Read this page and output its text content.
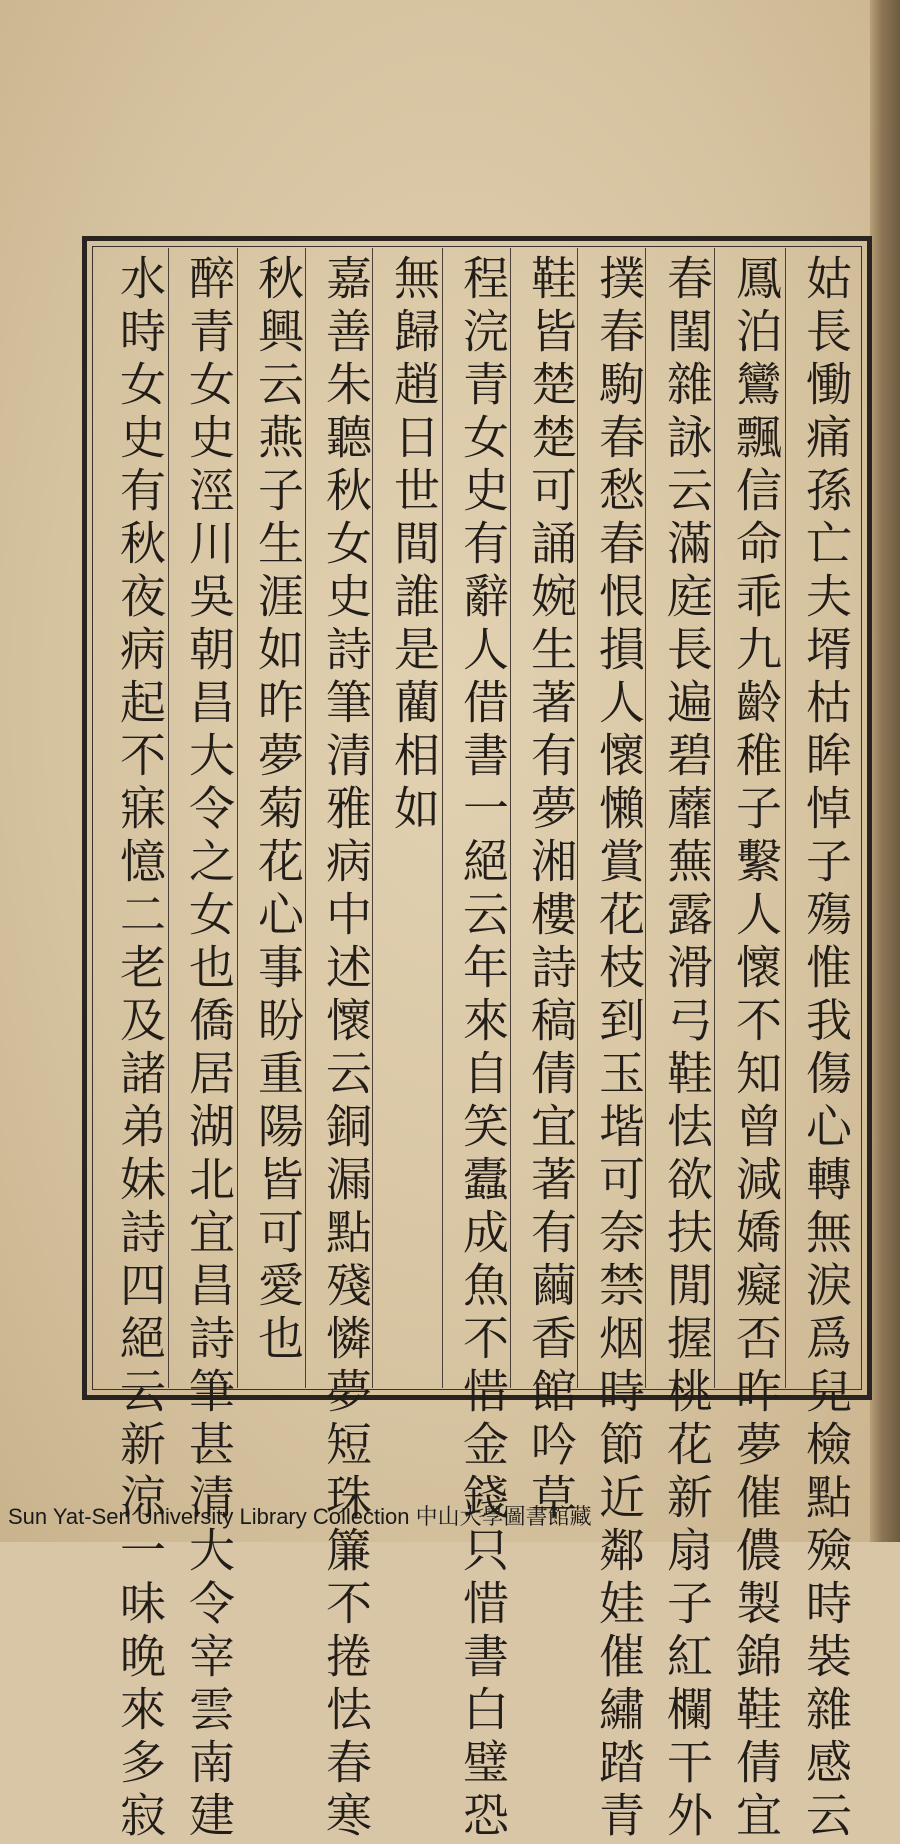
姑長慟痛孫亡夫壻枯眸悼子殤惟我傷心轉無淚爲兒檢點殮時裝雜感云
鳳泊鸞飄信命乖九齡稚子繫人懷不知曾減嬌癡否昨夢催儂製錦鞋倩宜
春閨雜詠云滿庭長遍碧蘼蕪露滑弓鞋怯欲扶閒握桃花新扇子紅欄干外
撲春駒春愁春恨損人懷懶賞花枝到玉堦可奈禁烟時節近鄰娃催繡踏青
鞋皆楚楚可誦婉生著有夢湘樓詩稿倩宜著有繭香館吟草
程浣青女史有辭人借書一絕云年來自笑蠹成魚不惜金錢只惜書白璧恐
無歸趙日世間誰是藺相如
嘉善朱聽秋女史詩筆清雅病中述懷云銅漏點殘憐夢短珠簾不捲怯春寒
秋興云燕子生涯如昨夢菊花心事盼重陽皆可愛也
醉青女史涇川吳朝昌大令之女也僑居湖北宜昌詩筆甚清大令宰雲南建
水時女史有秋夜病起不寐憶二老及諸弟妹詩四絕云新涼一味晚來多寂
Sun Yat-Sen University Library Collection 中山大學圖書館藏
